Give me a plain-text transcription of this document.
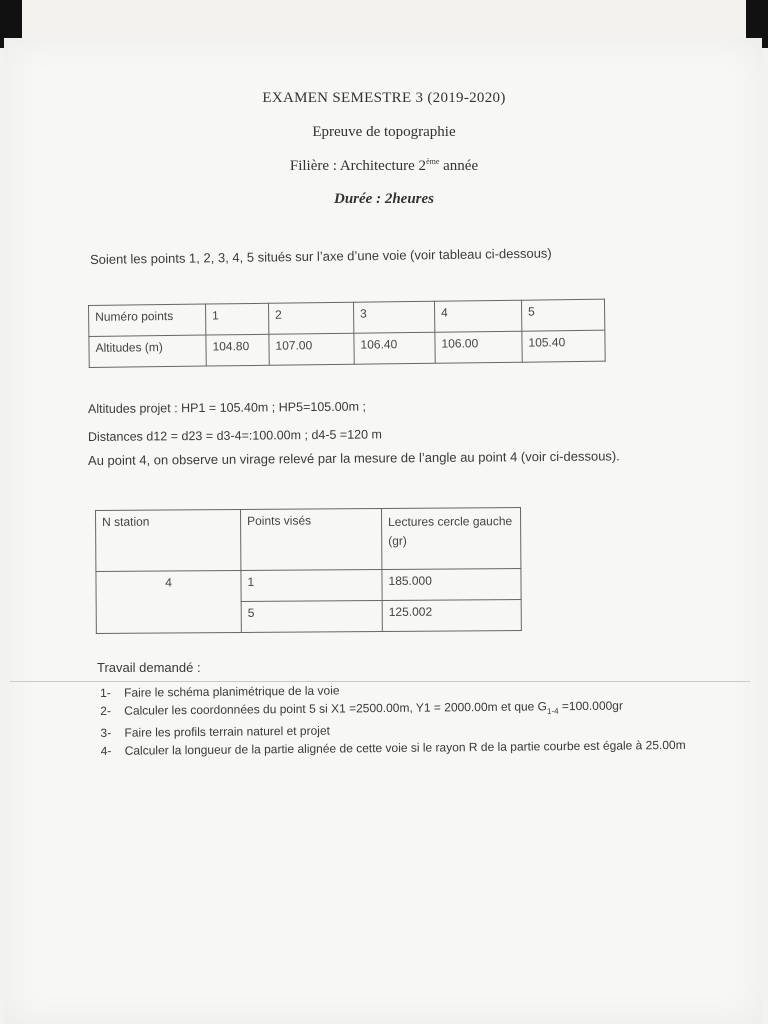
EXAMEN SEMESTRE 3 (2019-2020)
Epreuve de topographie
Filière : Architecture 2ème année
Durée : 2heures
Soient les points 1, 2, 3, 4, 5 situés sur l’axe d’une voie (voir tableau ci-dessous)
Numéro points	1	2	3	4	5
Altitudes (m)	104.80	107.00	106.40	106.00	105.40
Altitudes projet : HP1 = 105.40m ; HP5=105.00m ;
Distances d12 = d23 = d3-4=:100.00m ; d4-5 =120 m
Au point 4, on observe un virage relevé par la mesure de l’angle au point 4 (voir ci-dessous).
N station	Points visés	Lectures cercle gauche (gr)
4	1	185.000
	5	125.002
Travail demandé :
1-	Faire le schéma planimétrique de la voie
2-	Calculer les coordonnées du point 5 si X1 =2500.00m, Y1 = 2000.00m et que $G_{1-4} =100.000gr$
3-	Faire les profils terrain naturel et projet
4-	Calculer la longueur de la partie alignée de cette voie si le rayon R de la partie courbe est égale à 25.00m
